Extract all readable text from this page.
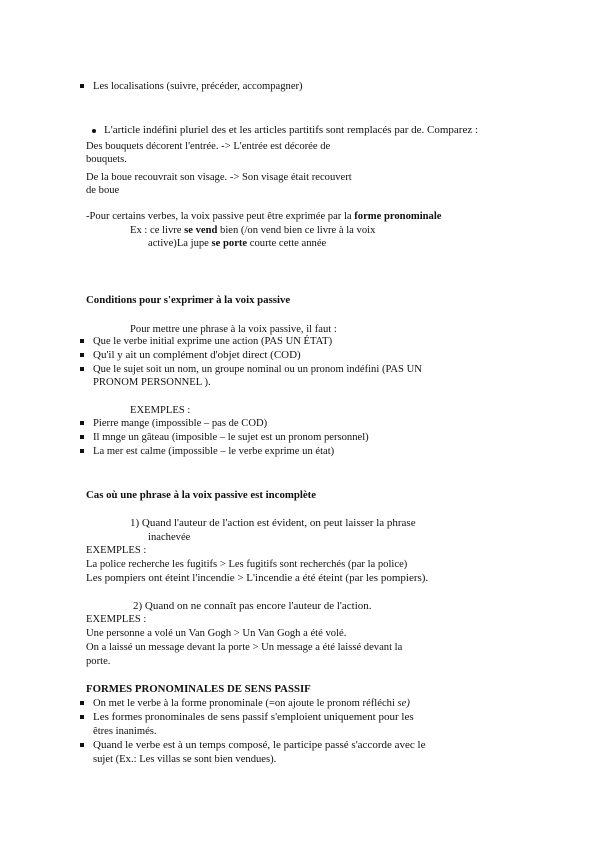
Les localisations (suivre, précéder, accompagner)
L'article indéfini pluriel des et les articles partitifs sont remplacés par de. Comparez :
Des bouquets décorent l'entrée. -> L'entrée est décorée de
bouquets.
De la boue recouvrait son visage. -> Son visage était recouvert
de boue
-Pour certains verbes, la voix passive peut être exprimée par la forme pronominale
Ex : ce livre se vend bien (/on vend bien ce livre à la voix
active)La jupe se porte courte cette année
Conditions pour s'exprimer à la voix passive
Pour mettre une phrase à la voix passive, il faut :
Que le verbe initial exprime une action (PAS UN ÉTAT)
Qu'il y ait un complément d'objet direct (COD)
Que le sujet soit un nom, un groupe nominal ou un pronom indéfini (PAS UN
PRONOM PERSONNEL ).
EXEMPLES :
Pierre mange (impossible – pas de COD)
Il mnge un gâteau (imposible – le sujet est un pronom personnel)
La mer est calme (impossible – le verbe exprime un état)
Cas où une phrase à la voix passive est incomplète
1) Quand l'auteur de l'action est évident, on peut laisser la phrase
inachevée
EXEMPLES :
La police recherche les fugitifs > Les fugitifs sont recherchés (par la police)
Les pompiers ont éteint l'incendie > L'incendie a été éteint (par les pompiers).
2) Quand on ne connaît pas encore l'auteur de l'action.
EXEMPLES :
Une personne a volé un Van Gogh > Un Van Gogh a été volé.
On a laissé un message devant la porte > Un message a été laissé devant la
porte.
FORMES PRONOMINALES DE SENS PASSIF
On met le verbe à la forme pronominale (=on ajoute le pronom réfléchi se)
Les formes pronominales de sens passif s'emploient uniquement pour les
êtres inanimés.
Quand le verbe est à un temps composé, le participe passé s'accorde avec le
sujet (Ex.: Les villas se sont bien vendues).
